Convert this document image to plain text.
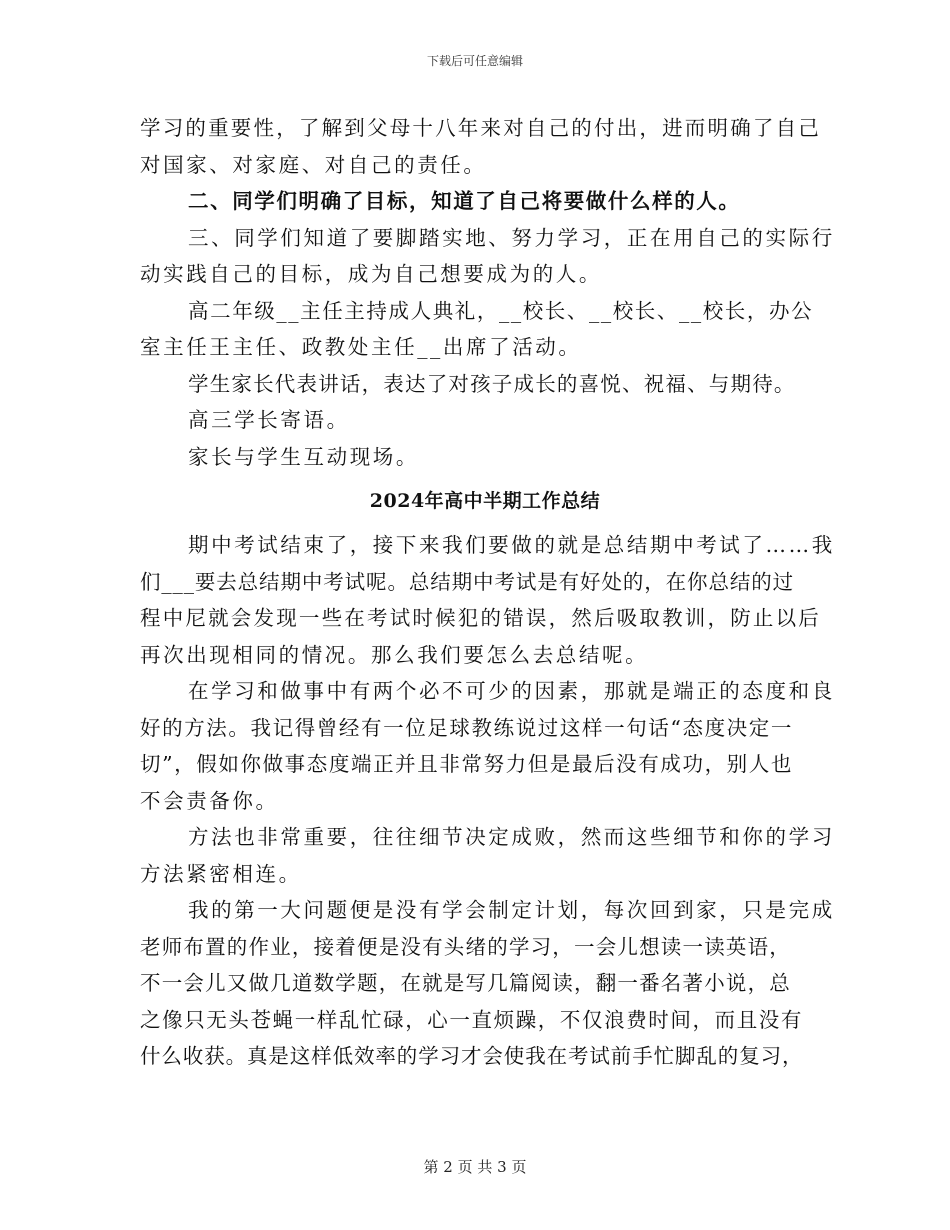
下载后可任意编辑
学习的重要性，了解到父母十八年来对自己的付出，进而明确了自己
对国家、对家庭、对自己的责任。
二、同学们明确了目标，知道了自己将要做什么样的人。
三、同学们知道了要脚踏实地、努力学习，正在用自己的实际行
动实践自己的目标，成为自己想要成为的人。
高二年级__主任主持成人典礼，__校长、__校长、__校长，办公
室主任王主任、政教处主任__出席了活动。
学生家长代表讲话，表达了对孩子成长的喜悦、祝福、与期待。
高三学长寄语。
家长与学生互动现场。
2024年高中半期工作总结
期中考试结束了，接下来我们要做的就是总结期中考试了……我
们___要去总结期中考试呢。总结期中考试是有好处的，在你总结的过
程中尼就会发现一些在考试时候犯的错误，然后吸取教训，防止以后
再次出现相同的情况。那么我们要怎么去总结呢。
在学习和做事中有两个必不可少的因素，那就是端正的态度和良
好的方法。我记得曾经有一位足球教练说过这样一句话“态度决定一
切”，假如你做事态度端正并且非常努力但是最后没有成功，别人也
不会责备你。
方法也非常重要，往往细节决定成败，然而这些细节和你的学习
方法紧密相连。
我的第一大问题便是没有学会制定计划，每次回到家，只是完成
老师布置的作业，接着便是没有头绪的学习，一会儿想读一读英语，
不一会儿又做几道数学题，在就是写几篇阅读，翻一番名著小说，总
之像只无头苍蝇一样乱忙碌，心一直烦躁，不仅浪费时间，而且没有
什么收获。真是这样低效率的学习才会使我在考试前手忙脚乱的复习，
第 2 页 共 3 页
